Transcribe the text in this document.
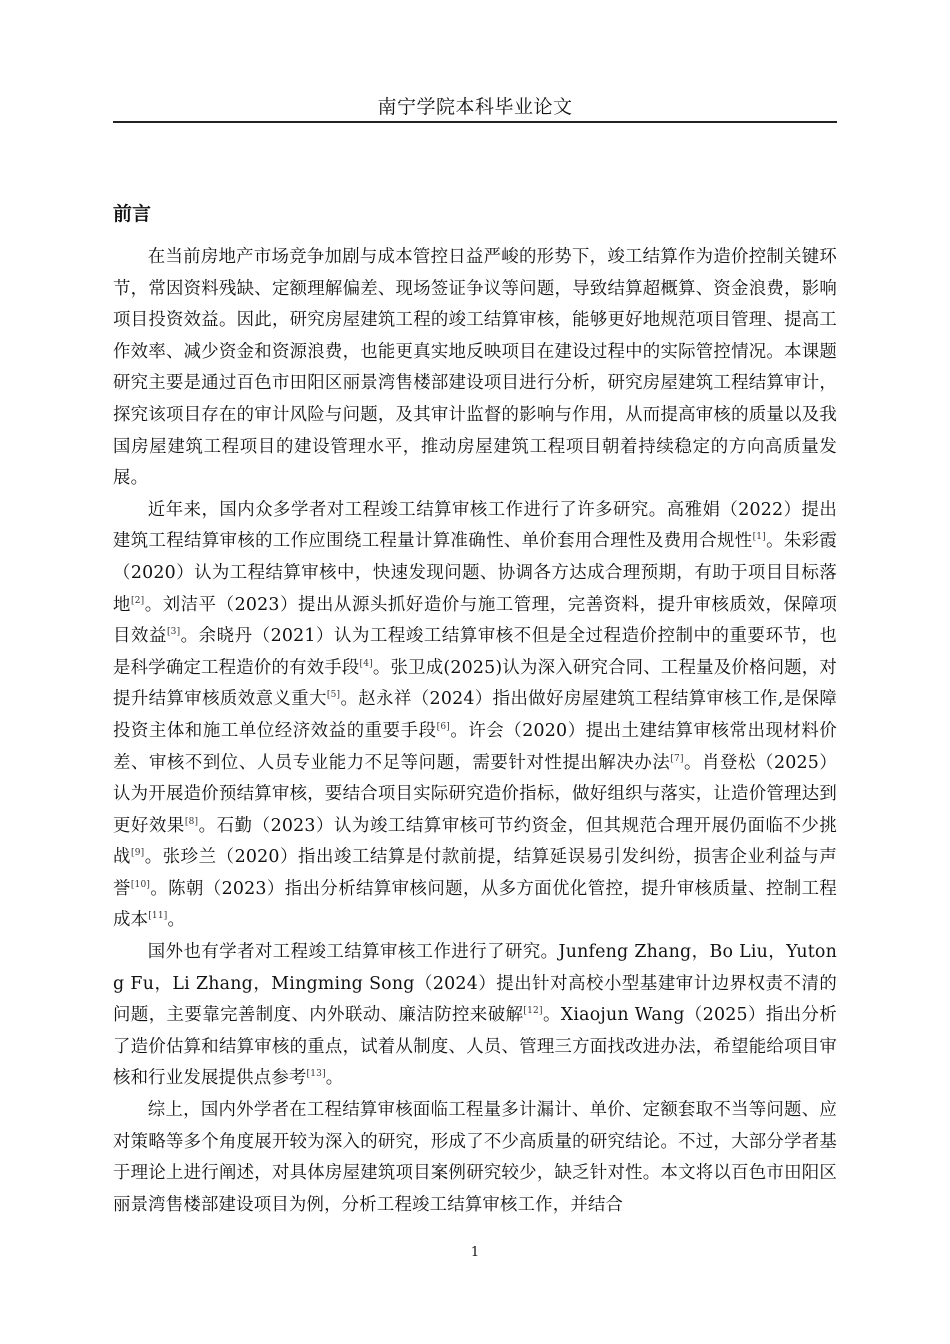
南宁学院本科毕业论文
前言

在当前房地产市场竞争加剧与成本管控日益严峻的形势下，竣工结算作为造价控制关键环节，常因资料残缺、定额理解偏差、现场签证争议等问题，导致结算超概算、资金浪费，影响项目投资效益。因此，研究房屋建筑工程的竣工结算审核，能够更好地规范项目管理、提高工作效率、减少资金和资源浪费，也能更真实地反映项目在建设过程中的实际管控情况。本课题研究主要是通过百色市田阳区丽景湾售楼部建设项目进行分析，研究房屋建筑工程结算审计，探究该项目存在的审计风险与问题，及其审计监督的影响与作用，从而提高审核的质量以及我国房屋建筑工程项目的建设管理水平，推动房屋建筑工程项目朝着持续稳定的方向高质量发展。

近年来，国内众多学者对工程竣工结算审核工作进行了许多研究。高雅娟（2022）提出建筑工程结算审核的工作应围绕工程量计算准确性、单价套用合理性及费用合规性[1]。朱彩霞（2020）认为工程结算审核中，快速发现问题、协调各方达成合理预期，有助于项目目标落地[2]。刘洁平（2023）提出从源头抓好造价与施工管理，完善资料，提升审核质效，保障项目效益[3]。余晓丹（2021）认为工程竣工结算审核不但是全过程造价控制中的重要环节，也是科学确定工程造价的有效手段[4]。张卫成(2025)认为深入研究合同、工程量及价格问题，对提升结算审核质效意义重大[5]。赵永祥（2024）指出做好房屋建筑工程结算审核工作,是保障投资主体和施工单位经济效益的重要手段[6]。许会（2020）提出土建结算审核常出现材料价差、审核不到位、人员专业能力不足等问题，需要针对性提出解决办法[7]。肖登松（2025）认为开展造价预结算审核，要结合项目实际研究造价指标，做好组织与落实，让造价管理达到更好效果[8]。石勤（2023）认为竣工结算审核可节约资金，但其规范合理开展仍面临不少挑战[9]。张珍兰（2020）指出竣工结算是付款前提，结算延误易引发纠纷，损害企业利益与声誉[10]。陈朝（2023）指出分析结算审核问题，从多方面优化管控，提升审核质量、控制工程成本[11]。

国外也有学者对工程竣工结算审核工作进行了研究。Junfeng Zhang，Bo Liu，Yutong Fu，Li Zhang，Mingming Song（2024）提出针对高校小型基建审计边界权责不清的问题，主要靠完善制度、内外联动、廉洁防控来破解[12]。Xiaojun Wang（2025）指出分析了造价估算和结算审核的重点，试着从制度、人员、管理三方面找改进办法，希望能给项目审核和行业发展提供点参考[13]。

综上，国内外学者在工程结算审核面临工程量多计漏计、单价、定额套取不当等问题、应对策略等多个角度展开较为深入的研究，形成了不少高质量的研究结论。不过，大部分学者基于理论上进行阐述，对具体房屋建筑项目案例研究较少，缺乏针对性。本文将以百色市田阳区丽景湾售楼部建设项目为例，分析工程竣工结算审核工作，并结合

1
